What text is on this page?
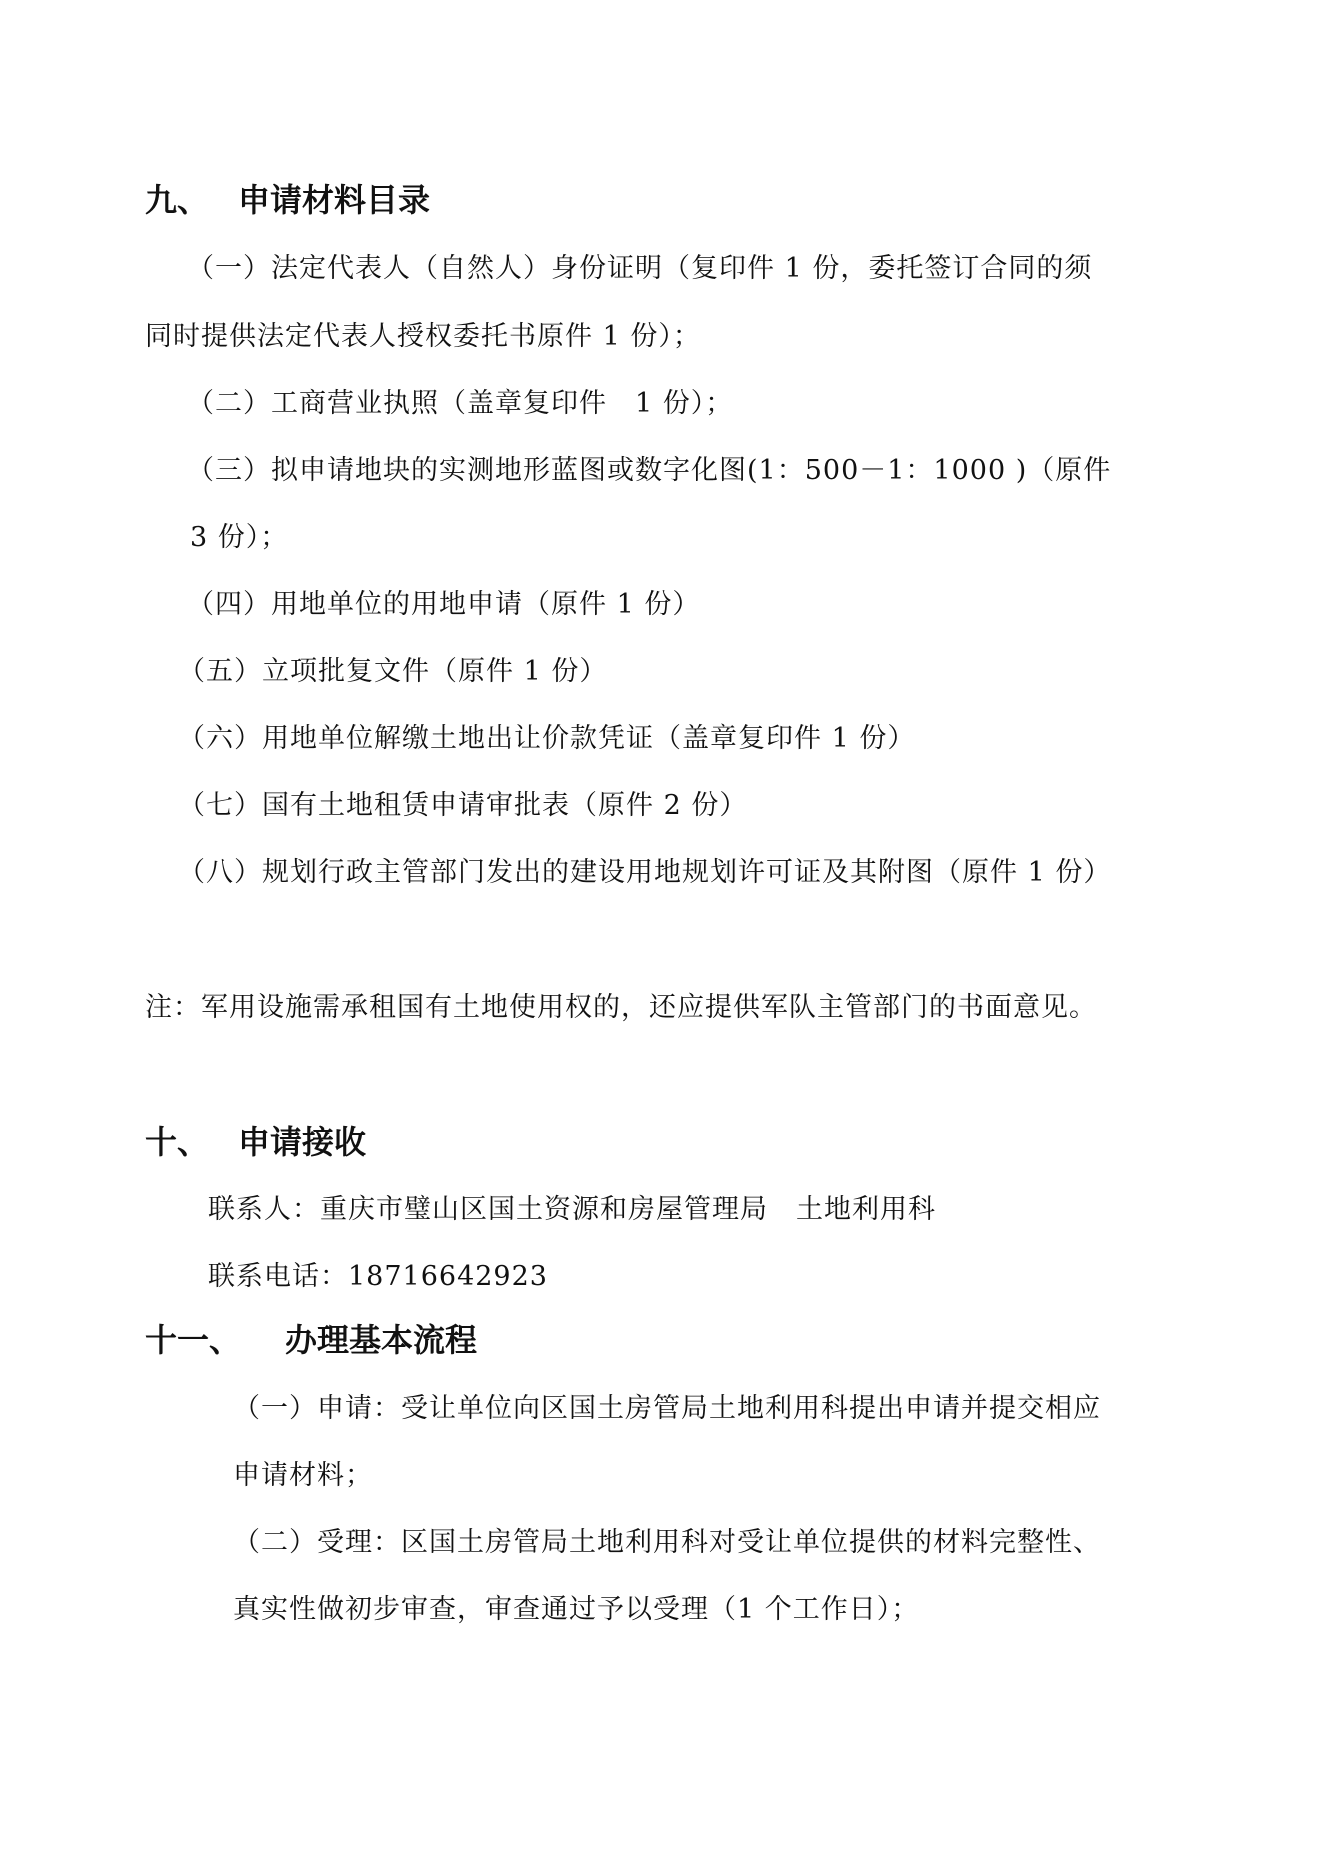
九、 申请材料目录

（一）法定代表人（自然人）身份证明（复印件 1 份，委托签订合同的须

同时提供法定代表人授权委托书原件 1 份）；

（二）工商营业执照（盖章复印件　1 份）；

（三）拟申请地块的实测地形蓝图或数字化图(1：500－1：1000 )（原件

3 份）；

（四）用地单位的用地申请（原件 1 份）

（五）立项批复文件（原件 1 份）

（六）用地单位解缴土地出让价款凭证（盖章复印件 1 份）

（七）国有土地租赁申请审批表（原件 2 份）

（八）规划行政主管部门发出的建设用地规划许可证及其附图（原件 1 份）

注：军用设施需承租国有土地使用权的，还应提供军队主管部门的书面意见。

十、 申请接收

联系人：重庆市璧山区国土资源和房屋管理局　土地利用科

联系电话：18716642923

十一、 办理基本流程

（一）申请：受让单位向区国土房管局土地利用科提出申请并提交相应

申请材料；

（二）受理：区国土房管局土地利用科对受让单位提供的材料完整性、

真实性做初步审查，审查通过予以受理（1 个工作日）；
